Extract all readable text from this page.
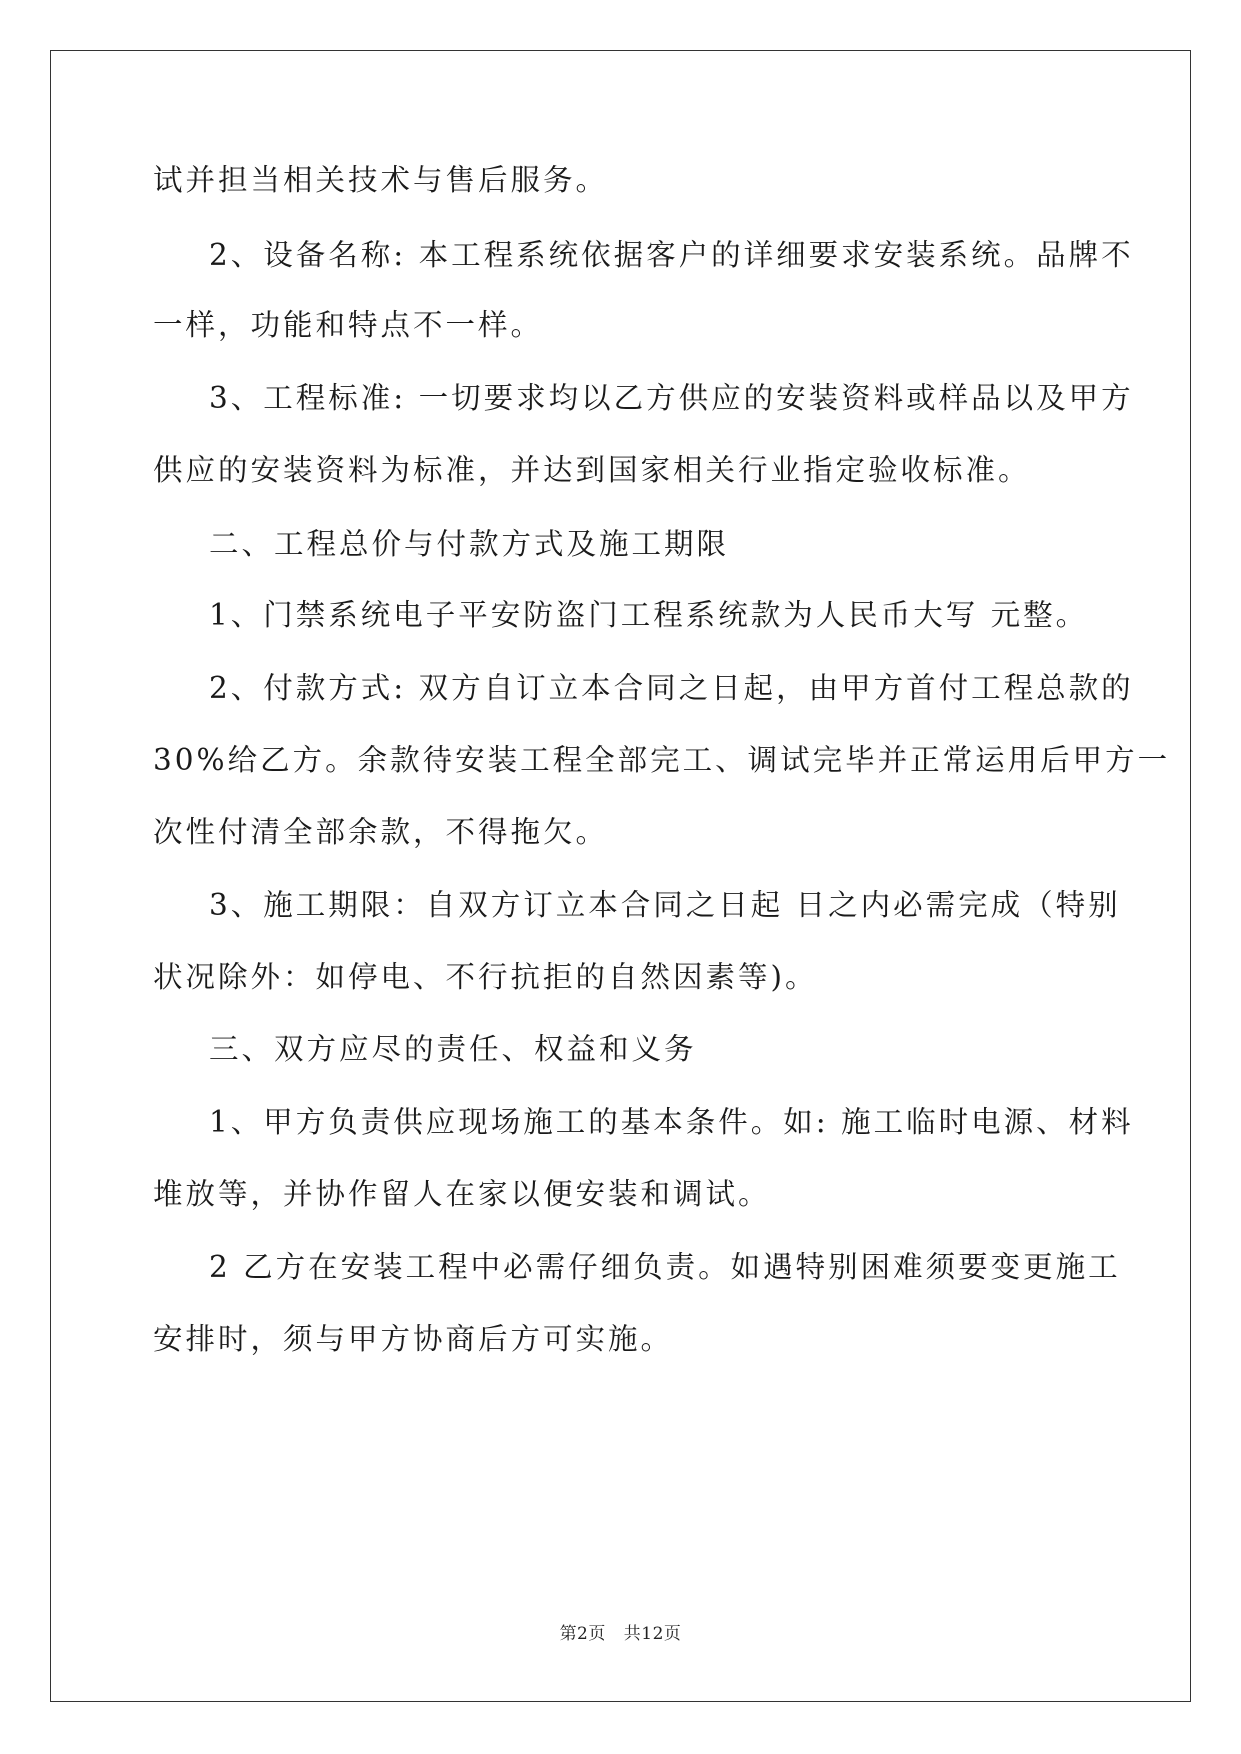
试并担当相关技术与售后服务。
2、设备名称: 本工程系统依据客户的详细要求安装系统。品牌不
一样，功能和特点不一样。
3、工程标准: 一切要求均以乙方供应的安装资料或样品以及甲方
供应的安装资料为标准，并达到国家相关行业指定验收标准。
二、工程总价与付款方式及施工期限
1、门禁系统电子平安防盗门工程系统款为人民币大写 元整。
2、付款方式: 双方自订立本合同之日起，由甲方首付工程总款的
30%给乙方。余款待安装工程全部完工、调试完毕并正常运用后甲方一
次性付清全部余款，不得拖欠。
3、施工期限：自双方订立本合同之日起 日之内必需完成（特别
状况除外：如停电、不行抗拒的自然因素等)。
三、双方应尽的责任、权益和义务
1、甲方负责供应现场施工的基本条件。如: 施工临时电源、材料
堆放等，并协作留人在家以便安装和调试。
2 乙方在安装工程中必需仔细负责。如遇特别困难须要变更施工
安排时，须与甲方协商后方可实施。
第2页 共12页
